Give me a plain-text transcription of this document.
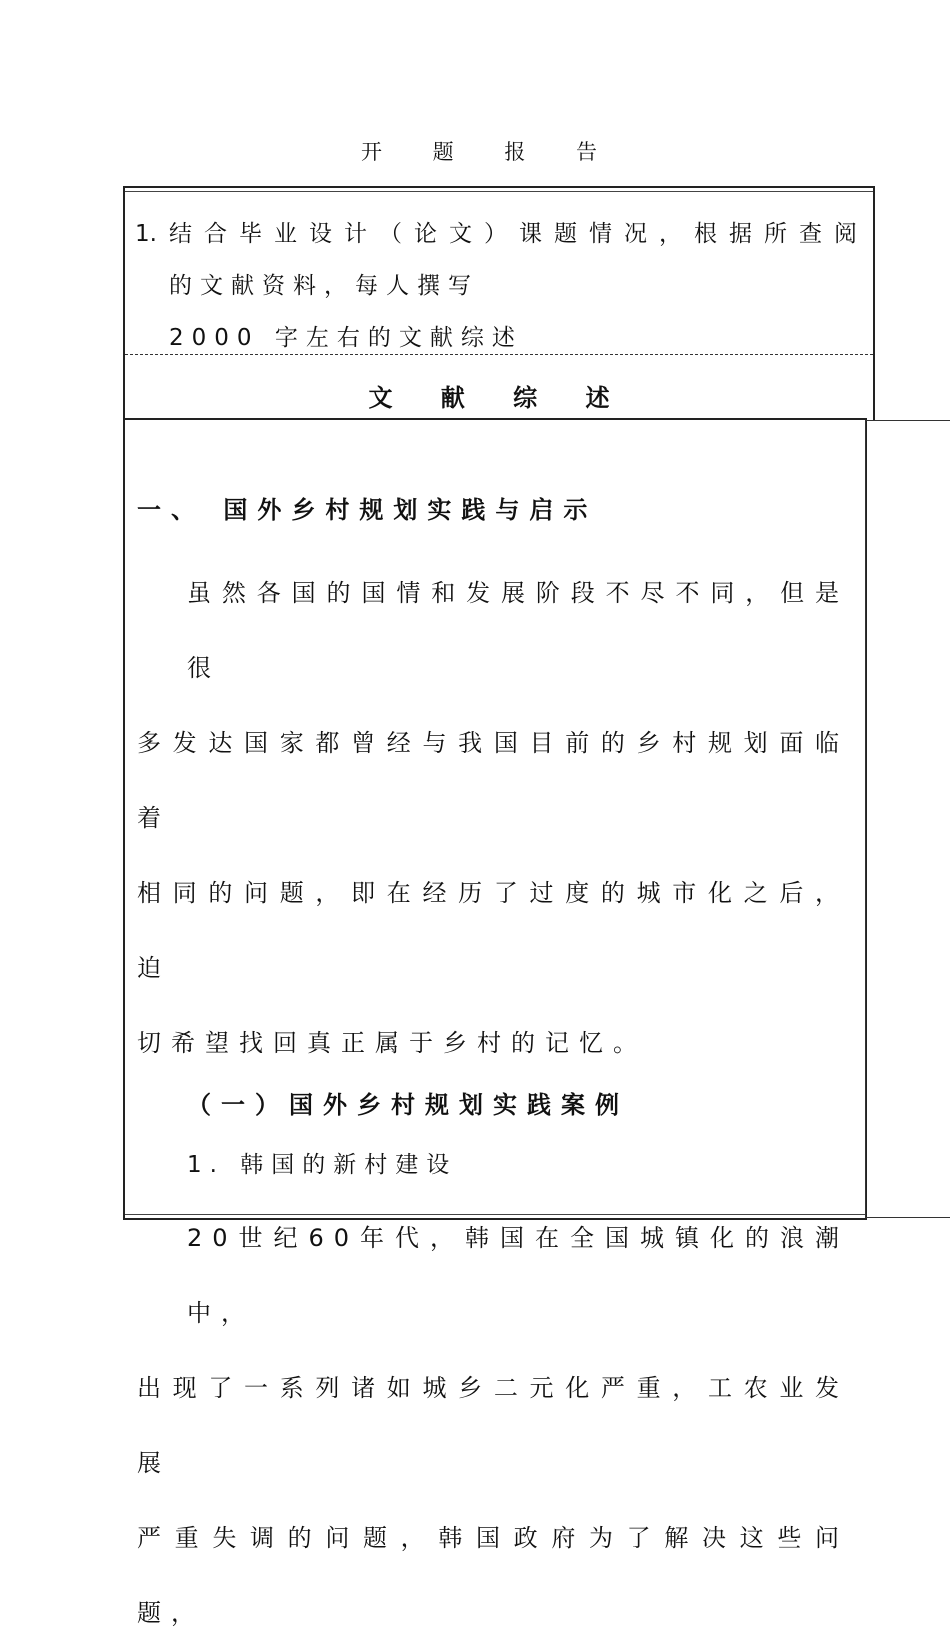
开 题 报 告
1. 结 合 毕 业 设 计 （ 论 文 ） 课 题 情 况 ， 根 据 所 查 阅
的文献资料，每人撰写
2000 字左右的文献综述
文 献 综 述
一、 国外乡村规划实践与启示
虽然各国的国情和发展阶段不尽不同，但是很
多发达国家都曾经与我国目前的乡村规划面临着
相同的问题，即在经历了过度的城市化之后，迫
切希望找回真正属于乡村的记忆。
（一）国外乡村规划实践案例
1. 韩国的新村建设
20世纪60年代，韩国在全国城镇化的浪潮中，
出现了一系列诸如城乡二元化严重，工农业发展
严重失调的问题，韩国政府为了解决这些问题，
